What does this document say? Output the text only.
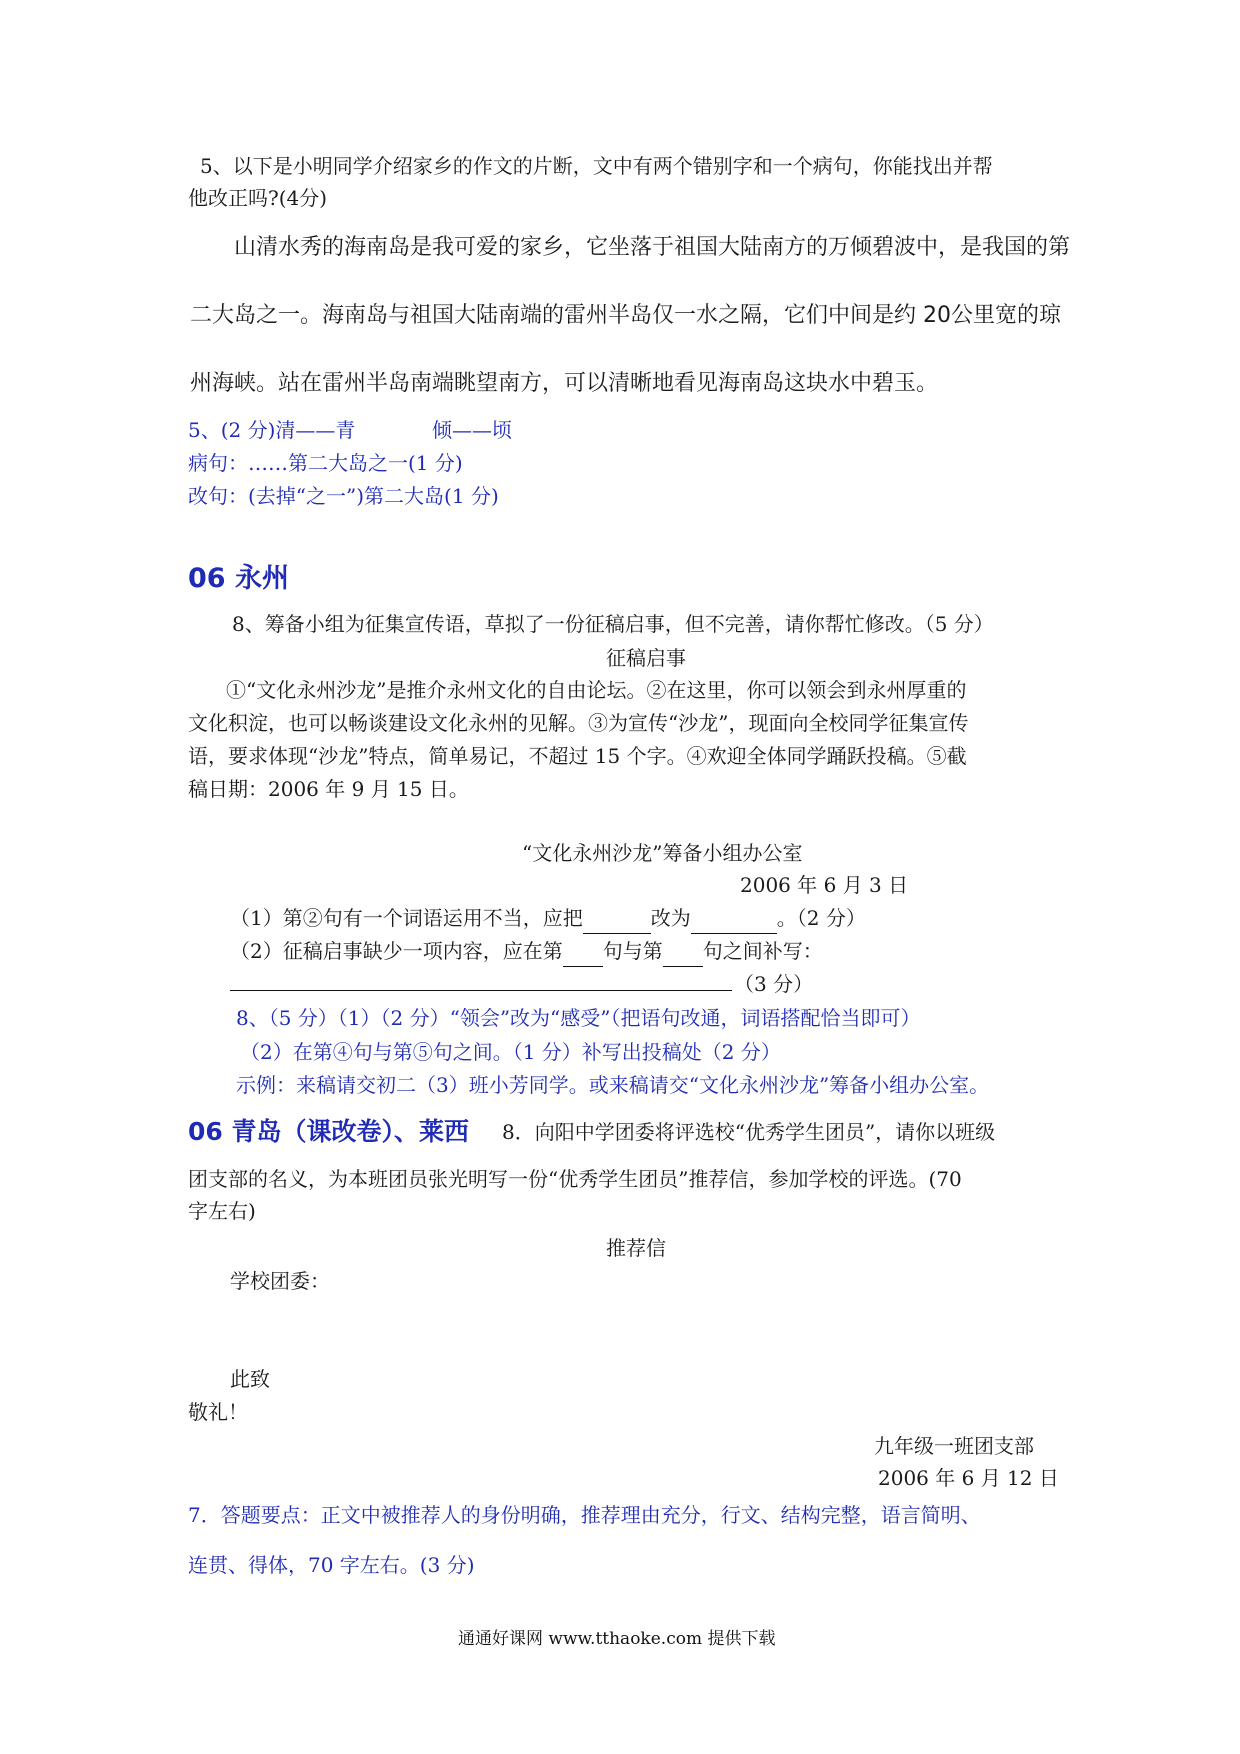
5、以下是小明同学介绍家乡的作文的片断，文中有两个错别字和一个病句，你能找出并帮
他改正吗?(4分)
山清水秀的海南岛是我可爱的家乡，它坐落于祖国大陆南方的万倾碧波中，是我国的第
二大岛之一。海南岛与祖国大陆南端的雷州半岛仅一水之隔，它们中间是约 20公里宽的琼
州海峡。站在雷州半岛南端眺望南方，可以清晰地看见海南岛这块水中碧玉。
5、(2 分)清——青	倾——顷
病句：……第二大岛之一(1 分)
改句：(去掉“之一”)第二大岛(1 分)
06 永州
8、筹备小组为征集宣传语，草拟了一份征稿启事，但不完善，请你帮忙修改。（5 分）
征稿启事
①“文化永州沙龙”是推介永州文化的自由论坛。②在这里，你可以领会到永州厚重的
文化积淀，也可以畅谈建设文化永州的见解。③为宣传“沙龙”，现面向全校同学征集宣传
语，要求体现“沙龙”特点，简单易记，不超过 15 个字。④欢迎全体同学踊跃投稿。⑤截
稿日期：2006 年 9 月 15 日。
“文化永州沙龙”筹备小组办公室
2006 年 6 月 3 日
（1）第②句有一个词语运用不当，应把	改为	。（2 分）
（2）征稿启事缺少一项内容，应在第 句与第 句之间补写：
（3 分）
8、（5 分）（1）（2 分）“领会”改为“感受”（把语句改通，词语搭配恰当即可）
（2）在第④句与第⑤句之间。（1 分）补写出投稿处（2 分）
示例：来稿请交初二（3）班小芳同学。或来稿请交“文化永州沙龙”筹备小组办公室。
06 青岛（课改卷）、莱西 8．向阳中学团委将评选校“优秀学生团员”，请你以班级
团支部的名义，为本班团员张光明写一份“优秀学生团员”推荐信，参加学校的评选。(70
字左右)
推荐信
学校团委：
此致
敬礼！
九年级一班团支部
2006 年 6 月 12 日
7．答题要点：正文中被推荐人的身份明确，推荐理由充分，行文、结构完整，语言简明、
连贯、得体，70 字左右。(3 分)
通通好课网 www.tthaoke.com 提供下载
